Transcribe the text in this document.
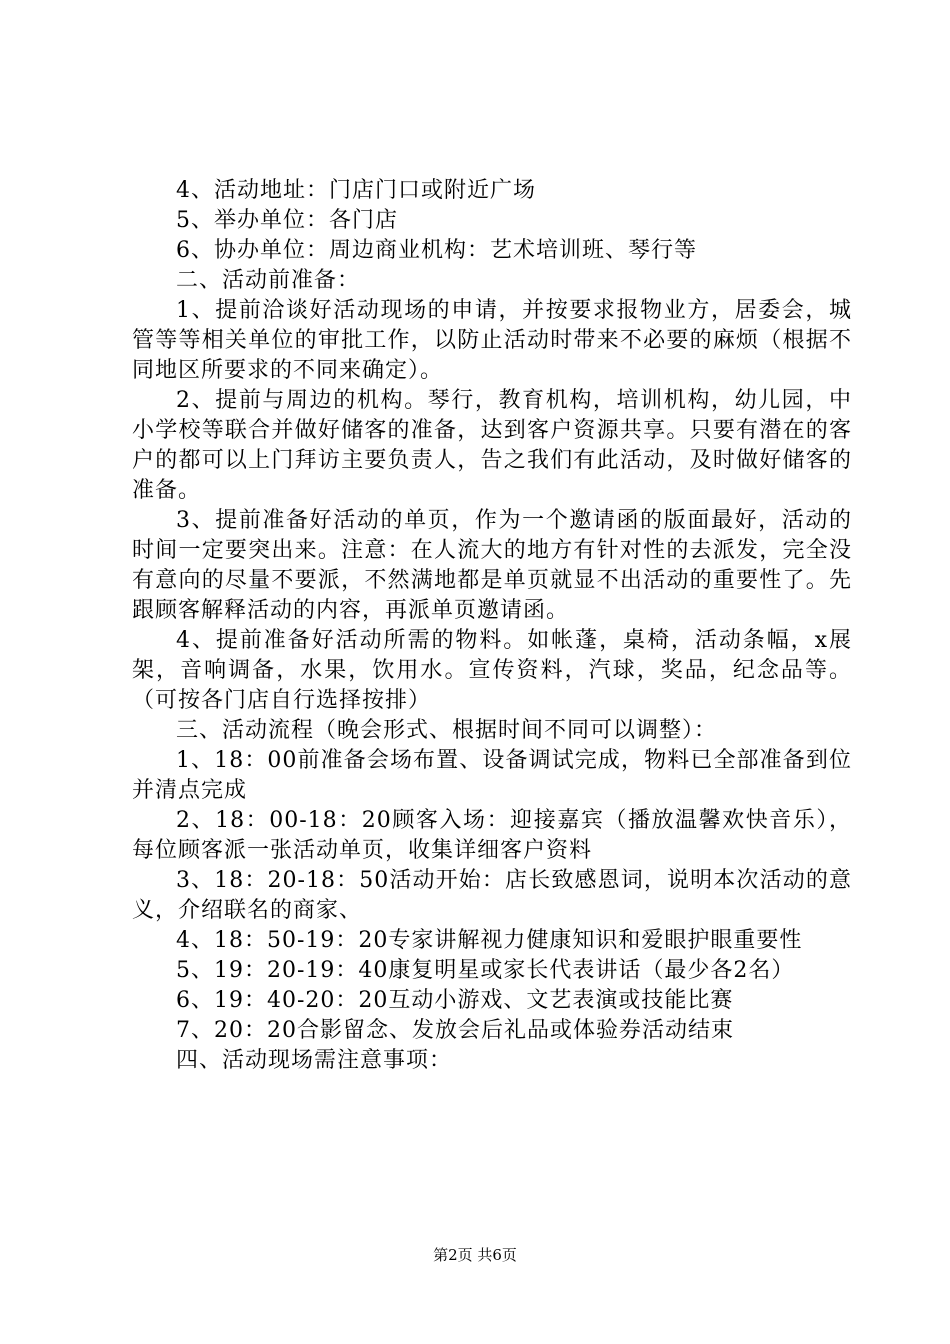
4、活动地址：门店门口或附近广场

5、举办单位：各门店

6、协办单位：周边商业机构：艺术培训班、琴行等

二、活动前准备：

1、提前洽谈好活动现场的申请，并按要求报物业方，居委会，城管等等相关单位的审批工作，以防止活动时带来不必要的麻烦（根据不同地区所要求的不同来确定）。

2、提前与周边的机构。琴行，教育机构，培训机构，幼儿园，中小学校等联合并做好储客的准备，达到客户资源共享。只要有潜在的客户的都可以上门拜访主要负责人，告之我们有此活动，及时做好储客的准备。

3、提前准备好活动的单页，作为一个邀请函的版面最好，活动的时间一定要突出来。注意：在人流大的地方有针对性的去派发，完全没有意向的尽量不要派，不然满地都是单页就显不出活动的重要性了。先跟顾客解释活动的内容，再派单页邀请函。

4、提前准备好活动所需的物料。如帐蓬，桌椅，活动条幅，x展架，音响调备，水果，饮用水。宣传资料，汽球，奖品，纪念品等。（可按各门店自行选择按排）

三、活动流程（晚会形式、根据时间不同可以调整）：

1、18：00前准备会场布置、设备调试完成，物料已全部准备到位并清点完成

2、18：00-18：20顾客入场：迎接嘉宾（播放温馨欢快音乐），每位顾客派一张活动单页，收集详细客户资料

3、18：20-18：50活动开始：店长致感恩词，说明本次活动的意义，介绍联名的商家、

4、18：50-19：20专家讲解视力健康知识和爱眼护眼重要性

5、19：20-19：40康复明星或家长代表讲话（最少各2名）

6、19：40-20：20互动小游戏、文艺表演或技能比赛

7、20：20合影留念、发放会后礼品或体验券活动结束

四、活动现场需注意事项：

第2页 共6页
